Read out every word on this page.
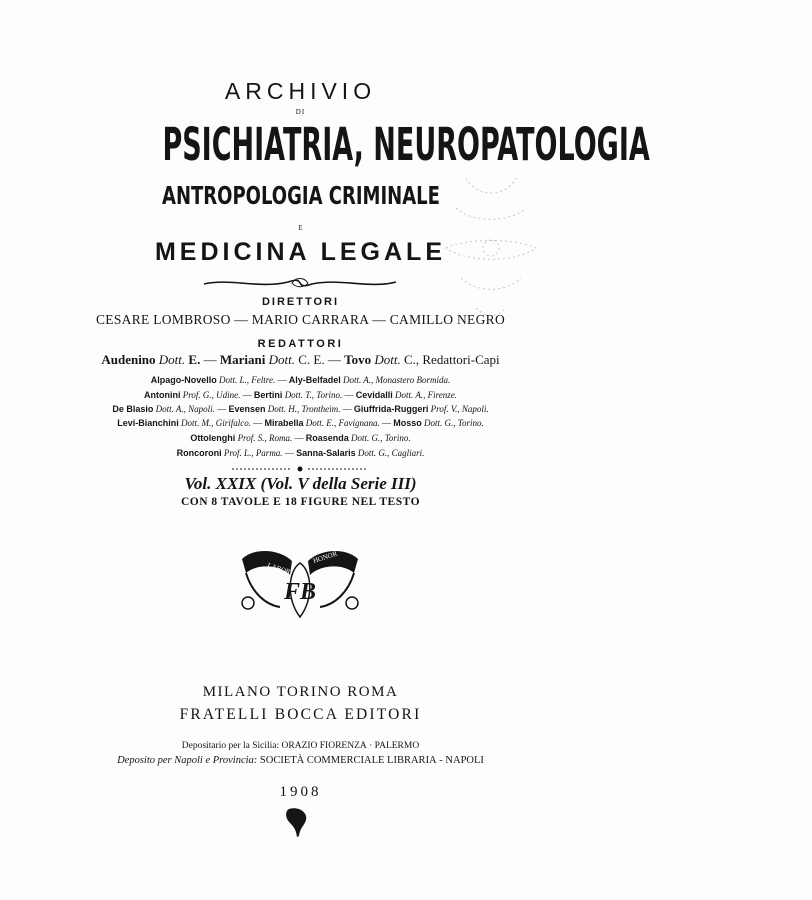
ARCHIVIO
DI
PSICHIATRIA, NEUROPATOLOGIA
ANTROPOLOGIA CRIMINALE
E
MEDICINA LEGALE
DIRETTORI
CESARE LOMBROSO — MARIO CARRARA — CAMILLO NEGRO
REDATTORI
Audenino Dott. E. — Mariani Dott. C. E. — Tovo Dott. C., Redattori-Capi
Alpago-Novello Dott. L., Feltre. — Aly-Belfadel Dott. A., Monastero Bormida.
Antonini Prof. G., Udine. — Bertini Dott. T., Torino. — Cevidalli Dott. A., Firenze.
De Blasio Dott. A., Napoli. — Evensen Dott. H., Trontheim. — Giuffrida-Ruggeri Prof. V., Napoli.
Levi-Bianchini Dott. M., Girifalco. — Mirabella Dott. E., Favignana. — Mosso Dott. G., Torino.
Ottolenghi Prof. S., Roma. — Roasenda Dott. G., Torino.
Roncoroni Prof. L., Parma. — Sanna-Salaris Dott. G., Cagliari.
Vol. XXIX (Vol. V della Serie III)
CON 8 TAVOLE E 18 FIGURE NEL TESTO
LABOR
HONOR
FB
MILANO TORINO ROMA
FRATELLI BOCCA EDITORI
Depositario per la Sicilia: ORAZIO FIORENZA · PALERMO
Deposito per Napoli e Provincia: SOCIETÀ COMMERCIALE LIBRARIA - NAPOLI
1908
